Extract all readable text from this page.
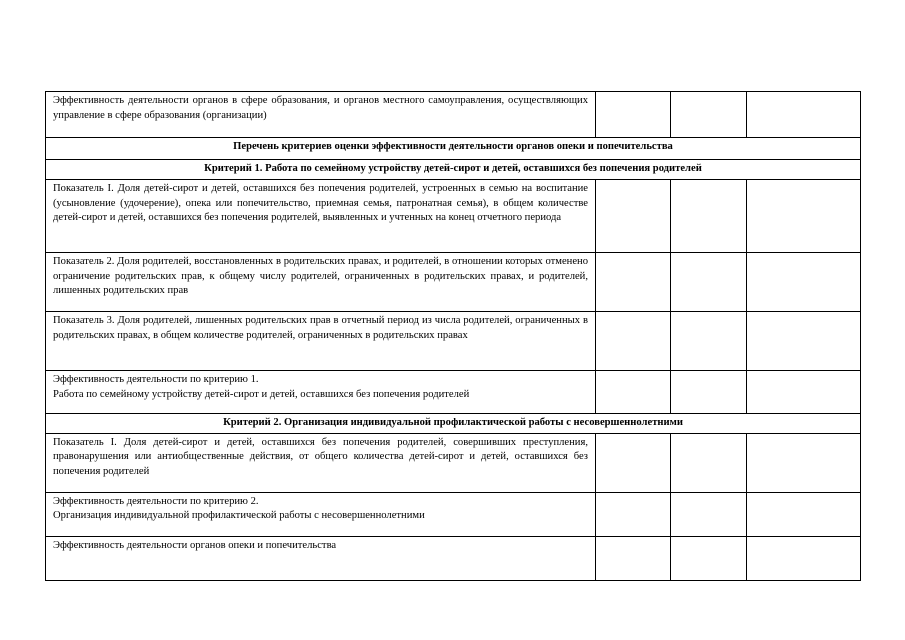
Эффективность деятельности органов в сфере образования, и органов местного самоуправления, осуществляющих управление в сфере образования (организации)			

Перечень критериев оценки эффективности деятельности органов опеки и попечительства			
Критерий 1. Работа по семейному устройству детей-сирот и детей, оставшихся без попечения родителей			

Показатель I. Доля детей-сирот и детей, оставшихся без попечения родителей, устроенных в семью на воспитание (усыновление (удочерение), опека или попечительство, приемная семья, патронатная семья), в общем количестве детей-сирот и детей, оставшихся без попечения родителей, выявленных и учтенных на конец отчетного периода			

Показатель 2. Доля родителей, восстановленных в родительских правах, и родителей, в отношении которых отменено ограничение родительских прав, к общему числу родителей, ограниченных в родительских правах, и родителей, лишенных родительских прав			

Показатель 3. Доля родителей, лишенных родительских прав в отчетный период из числа родителей, ограниченных в родительских правах, в общем количестве родителей, ограниченных в родительских правах			

Эффективность деятельности по критерию 1.
Работа по семейному устройству детей-сирот и детей, оставшихся без попечения родителей			

Критерий 2. Организация индивидуальной профилактической работы с несовершеннолетними			

Показатель I. Доля детей-сирот и детей, оставшихся без попечения родителей, совершивших преступления, правонарушения или антиобщественные действия, от общего количества детей-сирот и детей, оставшихся без попечения родителей			

Эффективность деятельности по критерию 2.
Организация индивидуальной профилактической работы с несовершеннолетними			

Эффективность деятельности органов опеки и попечительства			
